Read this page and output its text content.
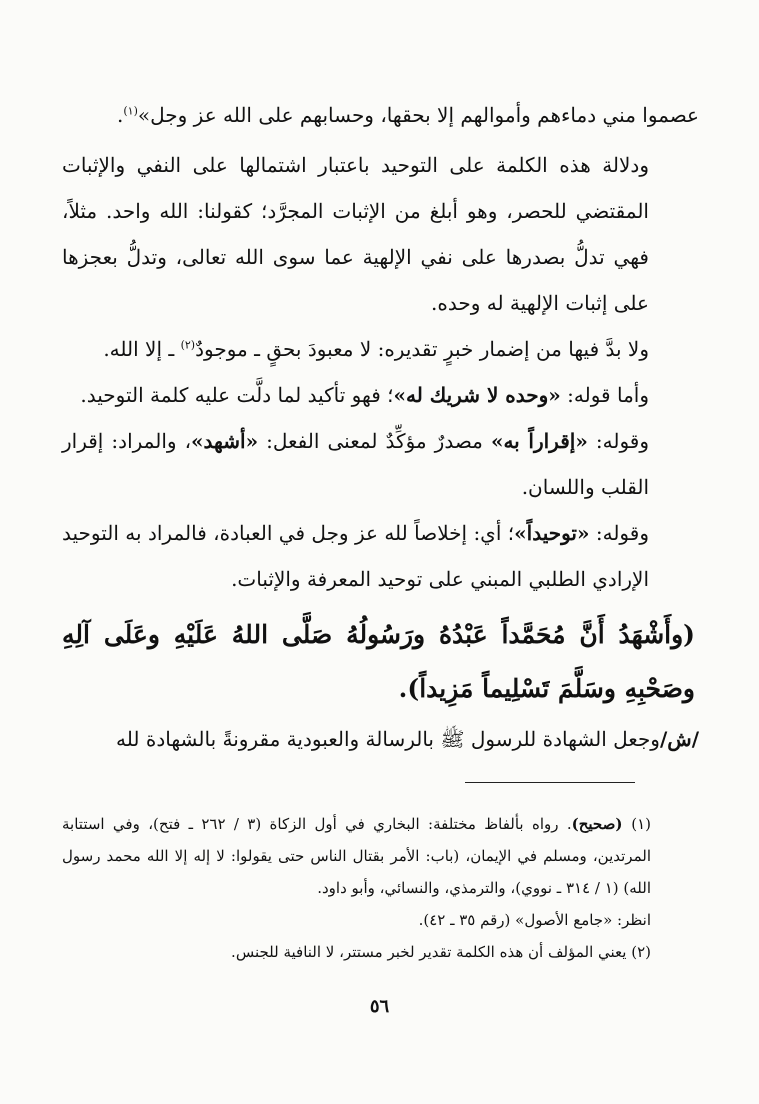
عصموا مني دماءهم وأموالهم إلا بحقها، وحسابهم على الله عز وجل»$^{(١)}$.

ودلالة هذه الكلمة على التوحيد باعتبار اشتمالها على النفي والإثبات المقتضي للحصر، وهو أبلغ من الإثبات المجرَّد؛ كقولنا: الله واحد. مثلاً، فهي تدلُّ بصدرها على نفي الإلهية عما سوى الله تعالى، وتدلُّ بعجزها على إثبات الإلهية له وحده.

ولا بدَّ فيها من إضمار خبرٍ تقديره: لا معبودَ بحقٍ ـ موجودٌ$^{(٢)}$ ـ إلا الله.

وأما قوله: «وحده لا شريك له»؛ فهو تأكيد لما دلَّت عليه كلمة التوحيد.

وقوله: «إقراراً به» مصدرٌ مؤكِّدٌ لمعنى الفعل: «أشهد»، والمراد: إقرار القلب واللسان.

وقوله: «توحيداً»؛ أي: إخلاصاً لله عز وجل في العبادة، فالمراد به التوحيد الإرادي الطلبي المبني على توحيد المعرفة والإثبات.

(وأَشْهَدُ أَنَّ مُحَمَّداً عَبْدُهُ ورَسُولُهُ صَلَّى اللهُ عَلَيْهِ وعَلَى آلِهِ وصَحْبِهِ وسَلَّمَ تَسْلِيماً مَزِيداً).

/ش/وجعل الشهادة للرسول ﷺ بالرسالة والعبودية مقرونةً بالشهادة لله

(١) (صحيح). رواه بألفاظ مختلفة: البخاري في أول الزكاة (٣ / ٢٦٢ ـ فتح)، وفي استتابة المرتدين، ومسلم في الإيمان، (باب: الأمر بقتال الناس حتى يقولوا: لا إله إلا الله محمد رسول الله) (١ / ٣١٤ ـ نووي)، والترمذي، والنسائي، وأبو داود.

انظر: «جامع الأصول» (رقم ٣٥ ـ ٤٢).

(٢) يعني المؤلف أن هذه الكلمة تقدير لخبر مستتر، لا النافية للجنس.

٥٦
